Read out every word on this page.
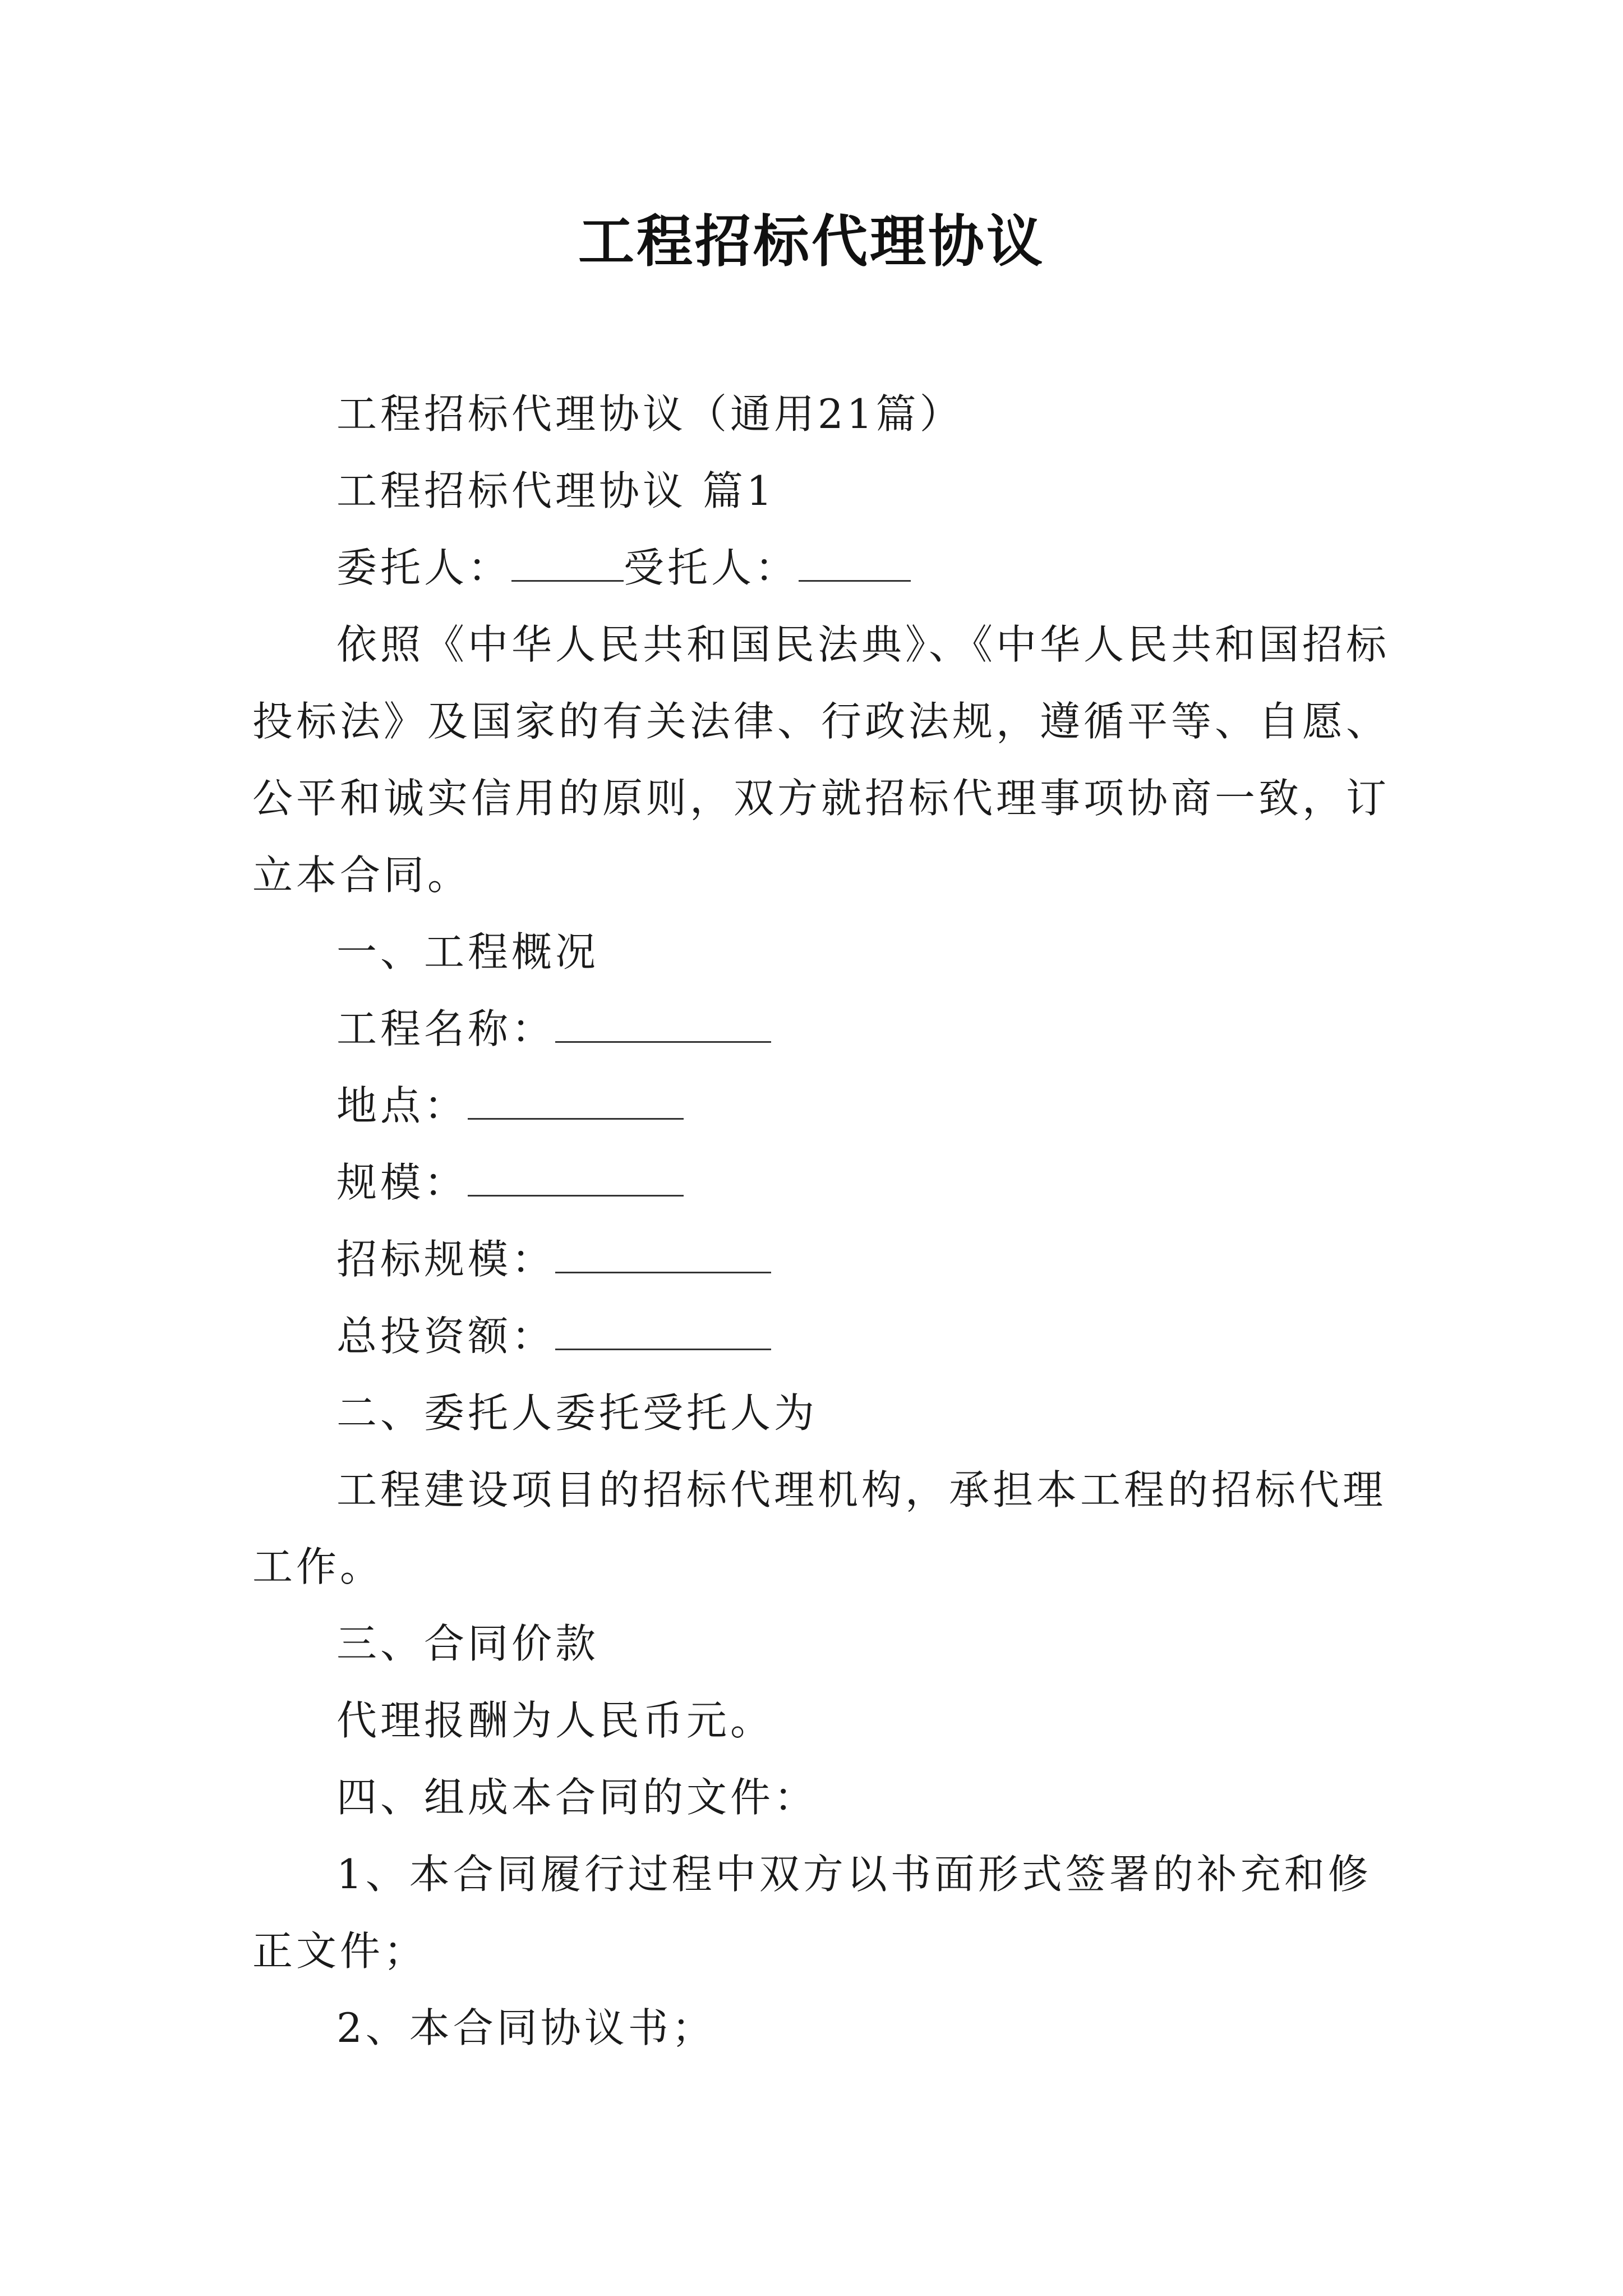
工程招标代理协议

工程招标代理协议（通用21篇）

工程招标代理协议 篇1

委托人：	受托人：

依照《中华人民共和国民法典》、《中华人民共和国招标投标法》及国家的有关法律、行政法规，遵循平等、自愿、公平和诚实信用的原则，双方就招标代理事项协商一致，订立本合同。

一、工程概况

工程名称：

地点：

规模：

招标规模：

总投资额：

二、委托人委托受托人为

工程建设项目的招标代理机构，承担本工程的招标代理工作。

三、合同价款

代理报酬为人民币元。

四、组成本合同的文件：

1、本合同履行过程中双方以书面形式签署的补充和修正文件；

2、本合同协议书；
